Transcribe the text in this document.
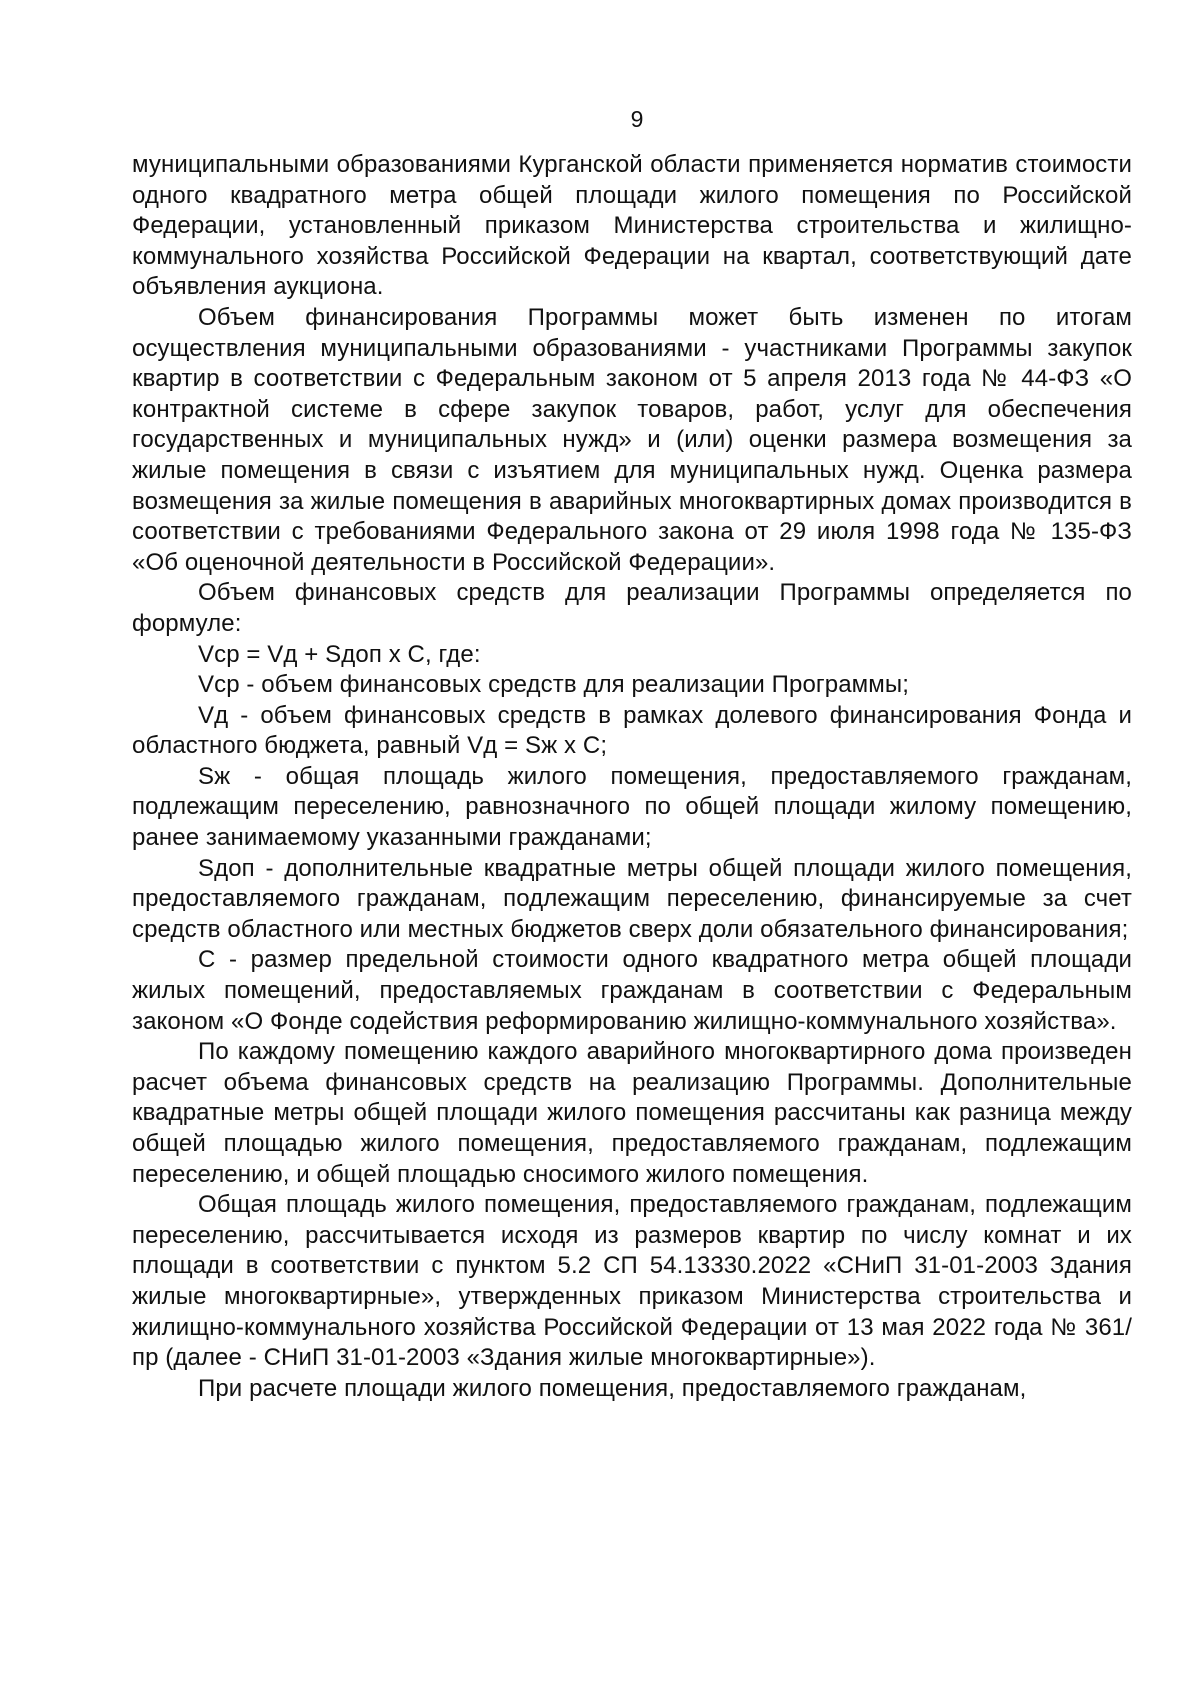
9

муниципальными образованиями Курганской области применяется норматив стоимости одного квадратного метра общей площади жилого помещения по Российской Федерации, установленный приказом Министерства строительства и жилищно-коммунального хозяйства Российской Федерации на квартал, соответствующий дате объявления аукциона.

Объем финансирования Программы может быть изменен по итогам осуществления муниципальными образованиями - участниками Программы закупок квартир в соответствии с Федеральным законом от 5 апреля 2013 года № 44-ФЗ «О контрактной системе в сфере закупок товаров, работ, услуг для обеспечения государственных и муниципальных нужд» и (или) оценки размера возмещения за жилые помещения в связи с изъятием для муниципальных нужд. Оценка размера возмещения за жилые помещения в аварийных многоквартирных домах производится в соответствии с требованиями Федерального закона от 29 июля 1998 года № 135-ФЗ «Об оценочной деятельности в Российской Федерации».

Объем финансовых средств для реализации Программы определяется по формуле:

Vср = Vд + Sдоп х С, где:

Vср - объем финансовых средств для реализации Программы;

Vд - объем финансовых средств в рамках долевого финансирования Фонда и областного бюджета, равный Vд = Sж х С;

Sж - общая площадь жилого помещения, предоставляемого гражданам, подлежащим переселению, равнозначного по общей площади жилому помещению, ранее занимаемому указанными гражданами;

Sдоп - дополнительные квадратные метры общей площади жилого помещения, предоставляемого гражданам, подлежащим переселению, финансируемые за счет средств областного или местных бюджетов сверх доли обязательного финансирования;

С - размер предельной стоимости одного квадратного метра общей площади жилых помещений, предоставляемых гражданам в соответствии с Федеральным законом «О Фонде содействия реформированию жилищно-коммунального хозяйства».

По каждому помещению каждого аварийного многоквартирного дома произведен расчет объема финансовых средств на реализацию Программы. Дополнительные квадратные метры общей площади жилого помещения рассчитаны как разница между общей площадью жилого помещения, предоставляемого гражданам, подлежащим переселению, и общей площадью сносимого жилого помещения.

Общая площадь жилого помещения, предоставляемого гражданам, подлежащим переселению, рассчитывается исходя из размеров квартир по числу комнат и их площади в соответствии с пунктом 5.2 СП 54.13330.2022 «СНиП 31-01-2003 Здания жилые многоквартирные», утвержденных приказом Министерства строительства и жилищно-коммунального хозяйства Российской Федерации от 13 мая 2022 года № 361/пр (далее - СНиП 31-01-2003 «Здания жилые многоквартирные»).

При расчете площади жилого помещения, предоставляемого гражданам,
